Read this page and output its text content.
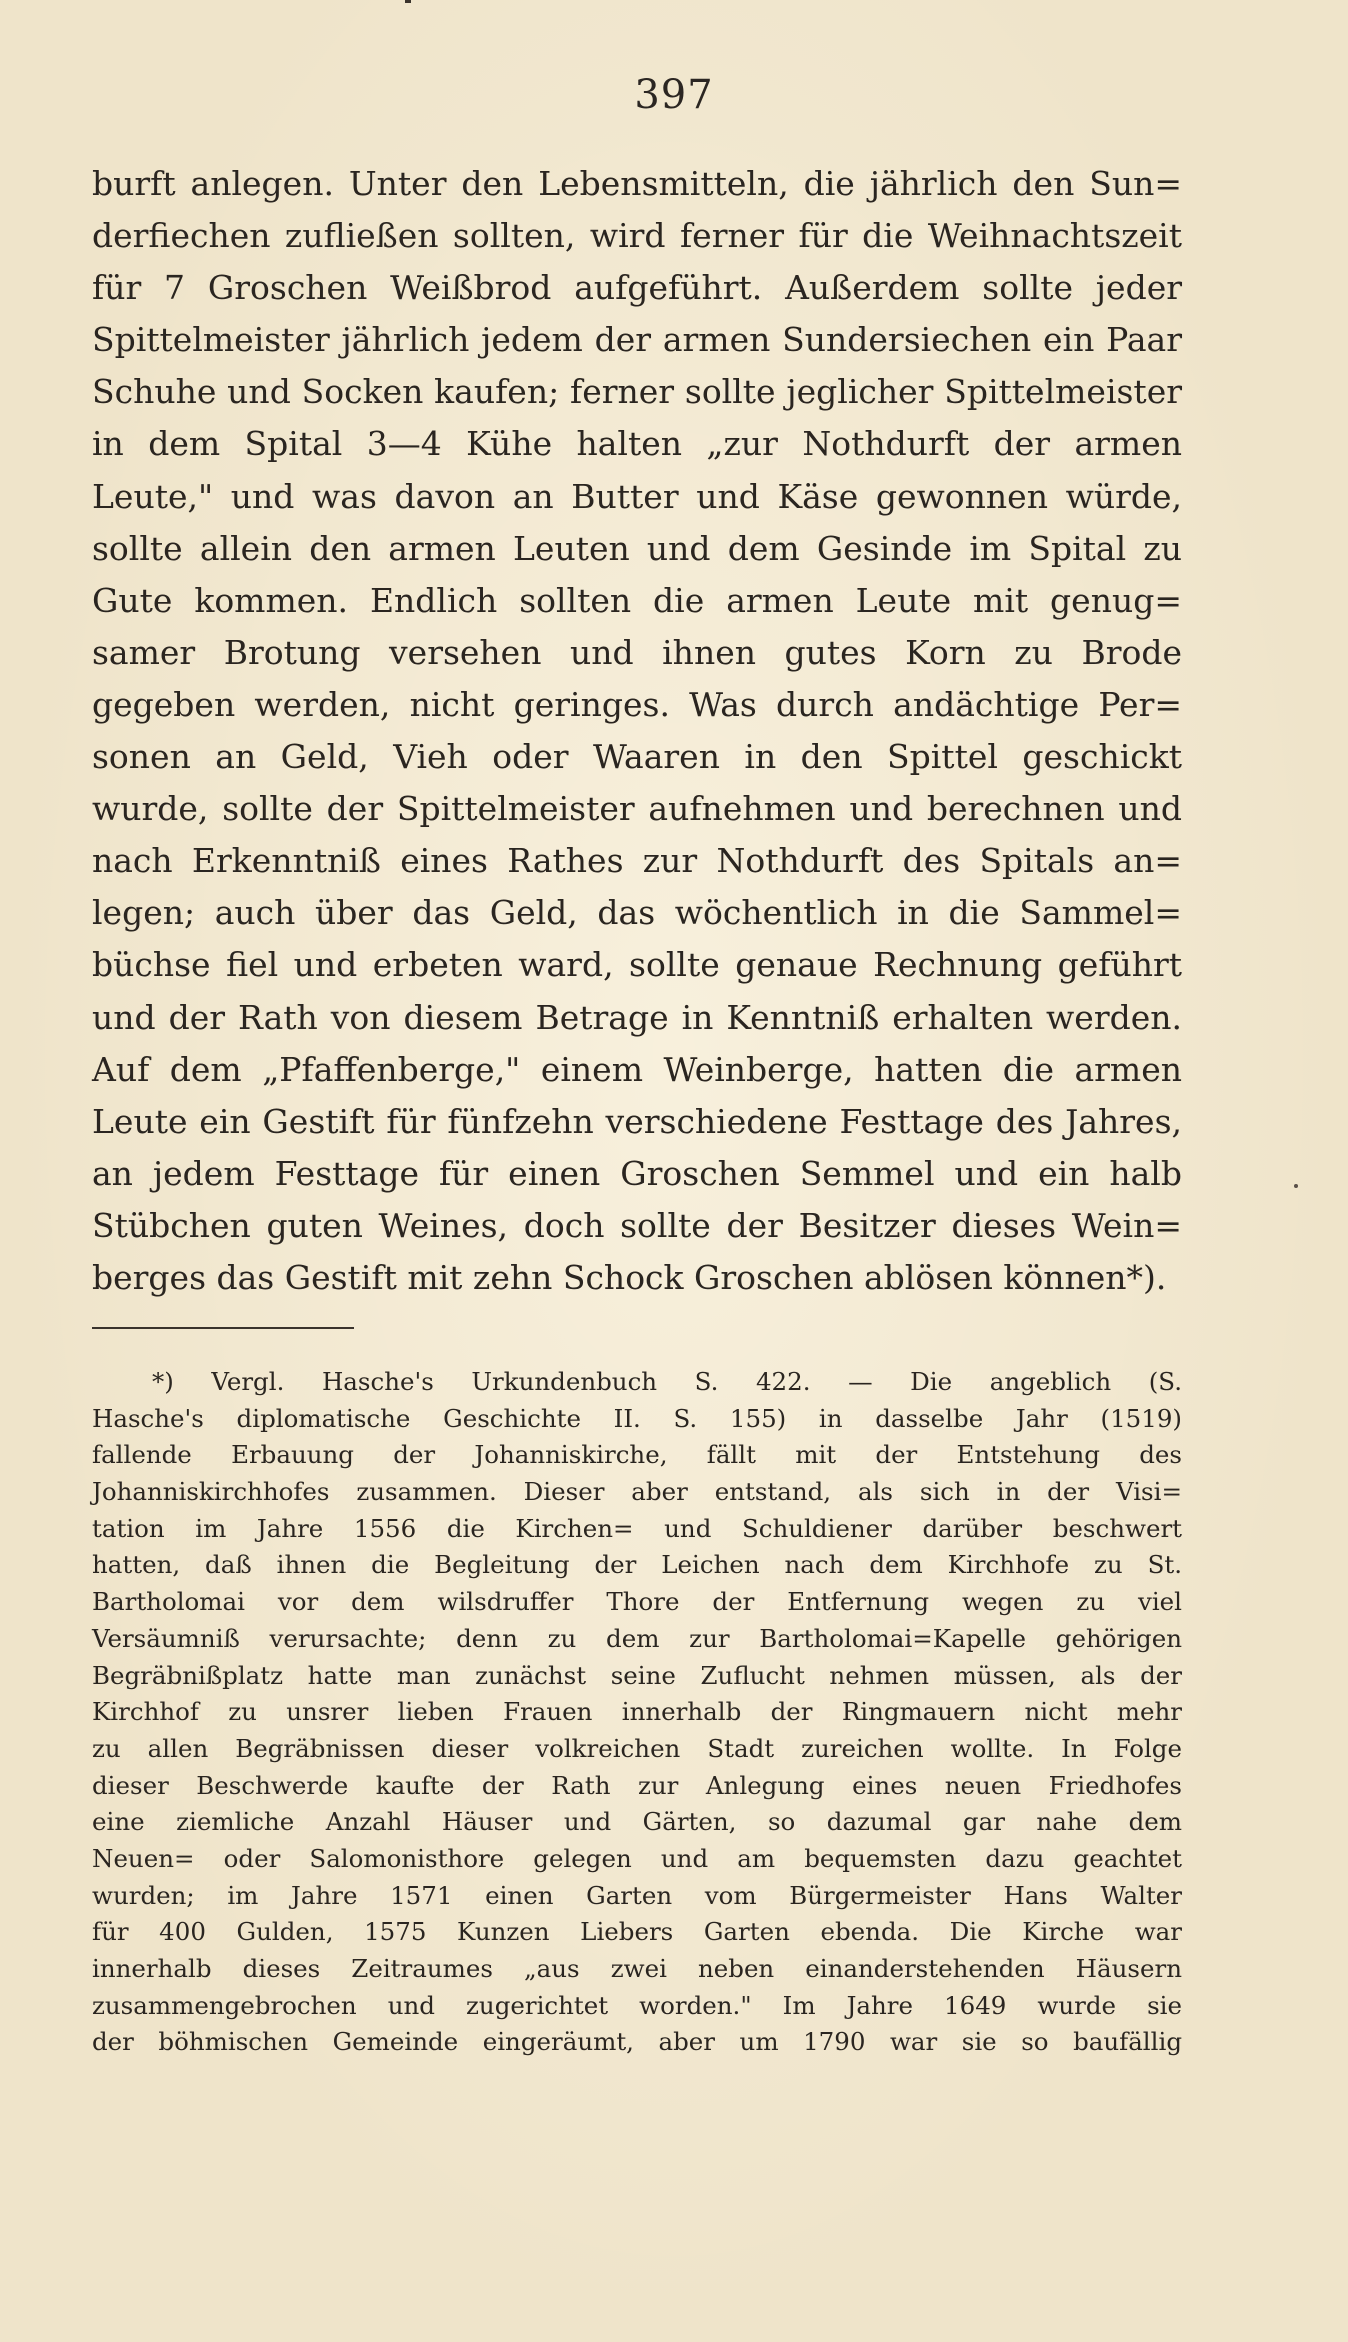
397
burft anlegen. Unter den Lebensmitteln, die jährlich den Sun=
derfiechen zufließen sollten, wird ferner für die Weihnachtszeit
für 7 Groschen Weißbrod aufgeführt. Außerdem sollte jeder
Spittelmeister jährlich jedem der armen Sundersiechen ein Paar
Schuhe und Socken kaufen; ferner sollte jeglicher Spittelmeister
in dem Spital 3—4 Kühe halten „zur Nothdurft der armen
Leute," und was davon an Butter und Käse gewonnen würde,
sollte allein den armen Leuten und dem Gesinde im Spital zu
Gute kommen. Endlich sollten die armen Leute mit genug=
samer Brotung versehen und ihnen gutes Korn zu Brode
gegeben werden, nicht geringes. Was durch andächtige Per=
sonen an Geld, Vieh oder Waaren in den Spittel geschickt
wurde, sollte der Spittelmeister aufnehmen und berechnen und
nach Erkenntniß eines Rathes zur Nothdurft des Spitals an=
legen; auch über das Geld, das wöchentlich in die Sammel=
büchse fiel und erbeten ward, sollte genaue Rechnung geführt
und der Rath von diesem Betrage in Kenntniß erhalten werden.
Auf dem „Pfaffenberge," einem Weinberge, hatten die armen
Leute ein Gestift für fünfzehn verschiedene Festtage des Jahres,
an jedem Festtage für einen Groschen Semmel und ein halb
Stübchen guten Weines, doch sollte der Besitzer dieses Wein=
berges das Gestift mit zehn Schock Groschen ablösen können*).
*) Vergl. Hasche's Urkundenbuch S. 422. — Die angeblich (S.
Hasche's diplomatische Geschichte II. S. 155) in dasselbe Jahr (1519)
fallende Erbauung der Johanniskirche, fällt mit der Entstehung des
Johanniskirchhofes zusammen. Dieser aber entstand, als sich in der Visi=
tation im Jahre 1556 die Kirchen= und Schuldiener darüber beschwert
hatten, daß ihnen die Begleitung der Leichen nach dem Kirchhofe zu St.
Bartholomai vor dem wilsdruffer Thore der Entfernung wegen zu viel
Versäumniß verursachte; denn zu dem zur Bartholomai=Kapelle gehörigen
Begräbnißplatz hatte man zunächst seine Zuflucht nehmen müssen, als der
Kirchhof zu unsrer lieben Frauen innerhalb der Ringmauern nicht mehr
zu allen Begräbnissen dieser volkreichen Stadt zureichen wollte. In Folge
dieser Beschwerde kaufte der Rath zur Anlegung eines neuen Friedhofes
eine ziemliche Anzahl Häuser und Gärten, so dazumal gar nahe dem
Neuen= oder Salomonisthore gelegen und am bequemsten dazu geachtet
wurden; im Jahre 1571 einen Garten vom Bürgermeister Hans Walter
für 400 Gulden, 1575 Kunzen Liebers Garten ebenda. Die Kirche war
innerhalb dieses Zeitraumes „aus zwei neben einanderstehenden Häusern
zusammengebrochen und zugerichtet worden." Im Jahre 1649 wurde sie
der böhmischen Gemeinde eingeräumt, aber um 1790 war sie so baufällig
